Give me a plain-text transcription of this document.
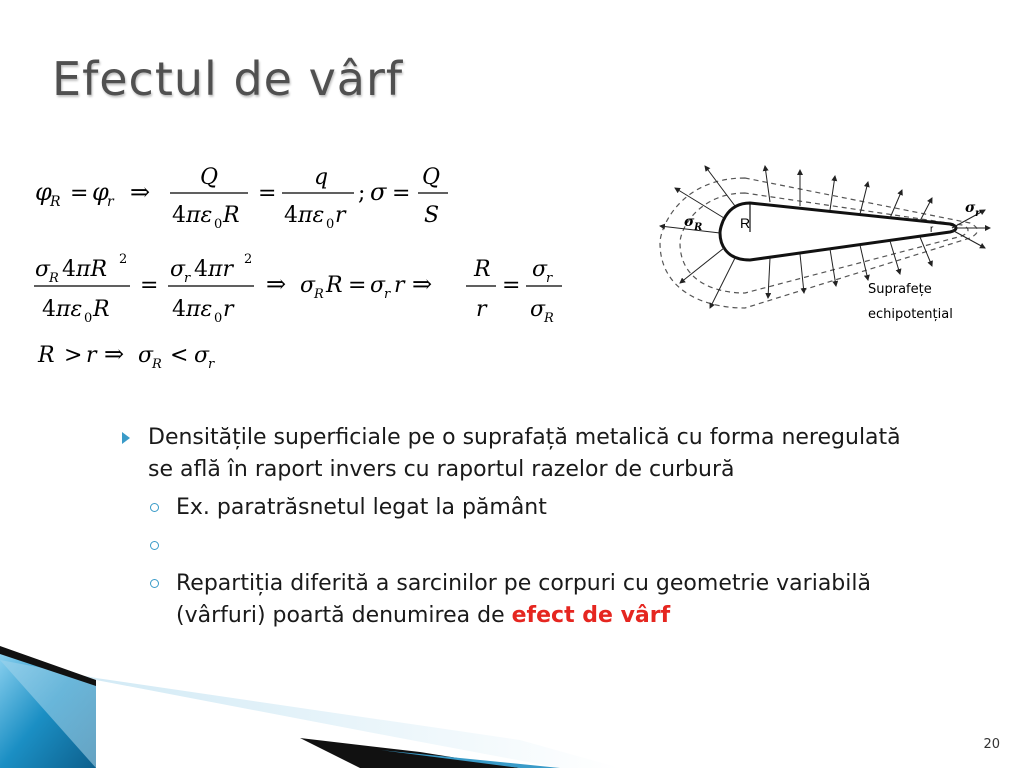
Efectul de vârf
φ
R = φ
r ⇒
Q
4πε 0 R
=
q
4πε 0 r
; σ =
Q
S
σ
R 4πR 2
4πε 0 R
=
σ
r 4πr 2
4πε 0 r
⇒ σ
R R = σ
r r ⇒
R
r
=
σ
r
σ
R
R > r ⇒ σ
R < σ
r
R	r
σ R
σ r
Suprafețe
echipotențial
Densitățile superficiale pe o suprafață metalică cu forma neregulată se află în raport invers cu raportul razelor de curbură
Ex. paratrăsnetul legat la pământ
Repartiția diferită a sarcinilor pe corpuri cu geometrie variabilă (vârfuri) poartă denumirea de efect de vârf
20
